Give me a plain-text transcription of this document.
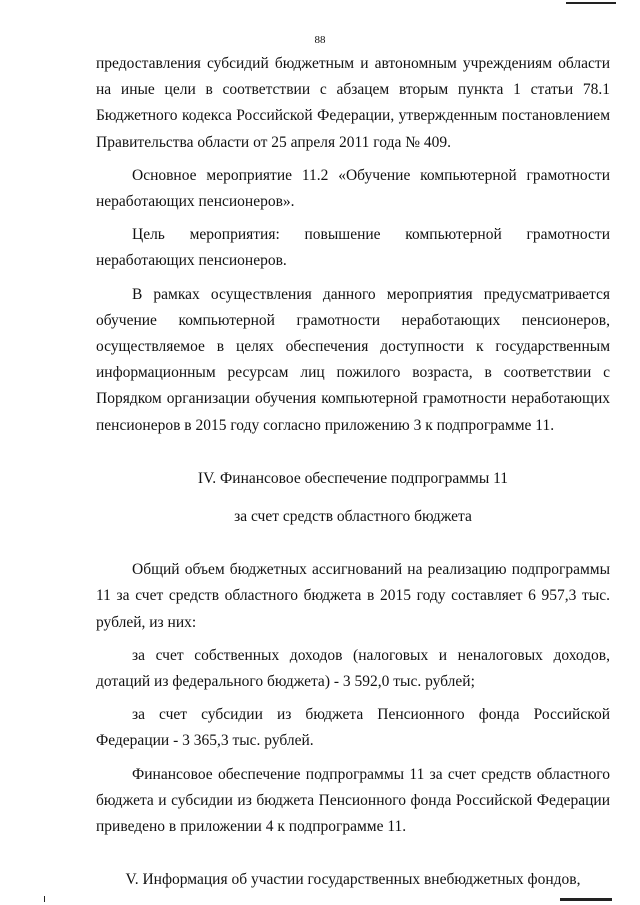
88

предоставления субсидий бюджетным и автономным учреждениям области на иные цели в соответствии с абзацем вторым пункта 1 статьи 78.1 Бюджетного кодекса Российской Федерации, утвержденным постановлением Правительства области от 25 апреля 2011 года № 409.

Основное мероприятие 11.2 «Обучение компьютерной грамотности неработающих пенсионеров».

Цель мероприятия: повышение компьютерной грамотности неработающих пенсионеров.

В рамках осуществления данного мероприятия предусматривается обучение компьютерной грамотности неработающих пенсионеров, осуществляемое в целях обеспечения доступности к государственным информационным ресурсам лиц пожилого возраста, в соответствии с Порядком организации обучения компьютерной грамотности неработающих пенсионеров в 2015 году согласно приложению 3 к подпрограмме 11.

IV. Финансовое обеспечение подпрограммы 11

за счет средств областного бюджета

Общий объем бюджетных ассигнований на реализацию подпрограммы 11 за счет средств областного бюджета в 2015 году составляет 6 957,3 тыс. рублей, из них:

за счет собственных доходов (налоговых и неналоговых доходов, дотаций из федерального бюджета) - 3 592,0 тыс. рублей;

за счет субсидии из бюджета Пенсионного фонда Российской Федерации - 3 365,3 тыс. рублей.

Финансовое обеспечение подпрограммы 11 за счет средств областного бюджета и субсидии из бюджета Пенсионного фонда Российской Федерации приведено в приложении 4 к подпрограмме 11.

V. Информация об участии государственных внебюджетных фондов,
